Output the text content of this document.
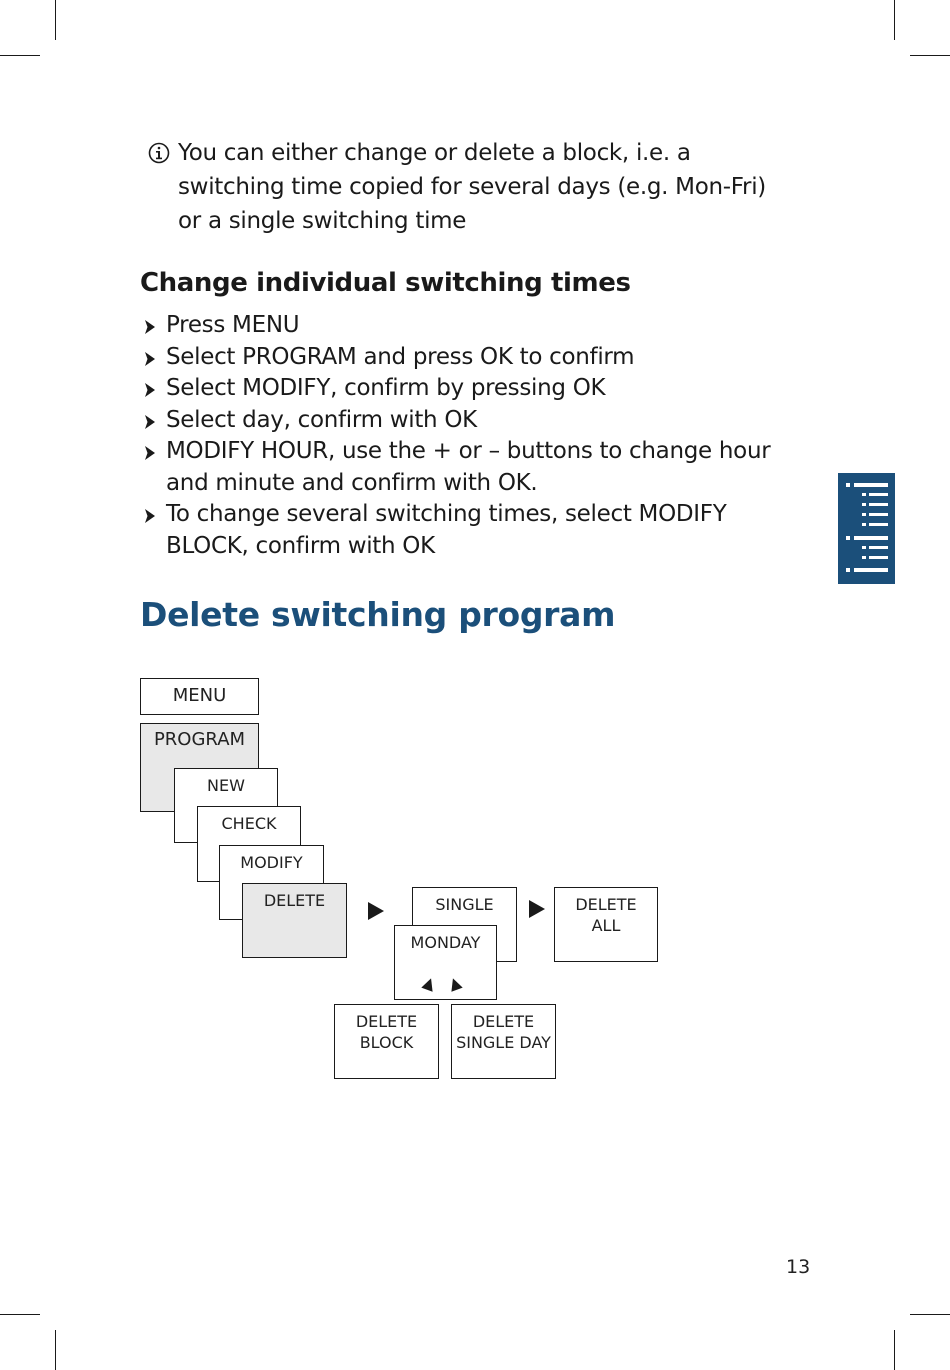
You can either change or delete a block, i.e. a switching time copied for several days (e.g. Mon-Fri) or a single switching time
Change individual switching times
Press MENU
Select PROGRAM and press OK to confirm
Select MODIFY, confirm by pressing OK
Select day, confirm with OK
MODIFY HOUR, use the + or – buttons to change hour and minute and confirm with OK.
To change several switching times, select MODIFY BLOCK, confirm with OK
Delete switching program
MENU
PROGRAM
NEW
CHECK
MODIFY
DELETE	SINGLE
MONDAY
DELETE
ALL
DELETE
BLOCK
DELETE
SINGLE DAY
13
